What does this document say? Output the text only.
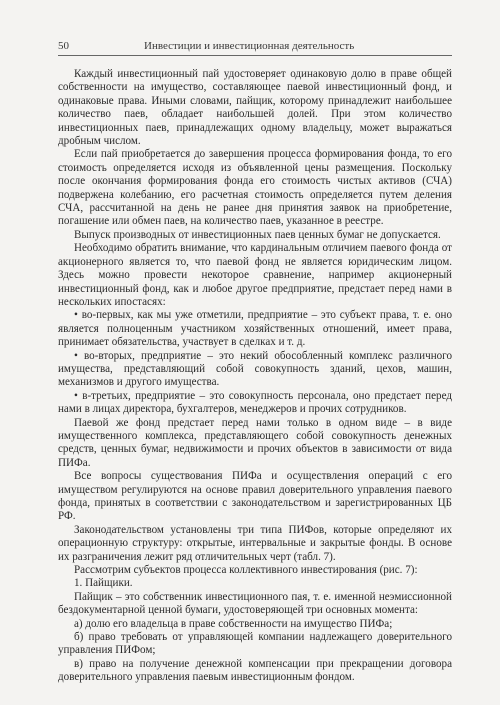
50	Инвестиции и инвестиционная деятельность

Каждый инвестиционный пай удостоверяет одинаковую долю в праве общей собственности на имущество, составляющее паевой инвестиционный фонд, и одинаковые права. Иными словами, пайщик, которому принадлежит наибольшее количество паев, обладает наибольшей долей. При этом количество инвестиционных паев, принадлежащих одному владельцу, может выражаться дробным числом.

Если пай приобретается до завершения процесса формирования фонда, то его стоимость определяется исходя из объявленной цены размещения. Поскольку после окончания формирования фонда его стоимость чистых активов (СЧА) подвержена колебанию, его расчетная стоимость определяется путем деления СЧА, рассчитанной на день не ранее дня принятия заявок на приобретение, погашение или обмен паев, на количество паев, указанное в реестре.

Выпуск производных от инвестиционных паев ценных бумаг не допускается.

Необходимо обратить внимание, что кардинальным отличием паевого фонда от акционерного является то, что паевой фонд не является юридическим лицом. Здесь можно провести некоторое сравнение, например акционерный инвестиционный фонд, как и любое другое предприятие, предстает перед нами в нескольких ипостасях:

• во-первых, как мы уже отметили, предприятие – это субъект права, т. е. оно является полноценным участником хозяйственных отношений, имеет права, принимает обязательства, участвует в сделках и т. д.

• во-вторых, предприятие – это некий обособленный комплекс различного имущества, представляющий собой совокупность зданий, цехов, машин, механизмов и другого имущества.

• в-третьих, предприятие – это совокупность персонала, оно предстает перед нами в лицах директора, бухгалтеров, менеджеров и прочих сотрудников.

Паевой же фонд предстает перед нами только в одном виде – в виде имущественного комплекса, представляющего собой совокупность денежных средств, ценных бумаг, недвижимости и прочих объектов в зависимости от вида ПИФа.

Все вопросы существования ПИФа и осуществления операций с его имуществом регулируются на основе правил доверительного управления паевого фонда, принятых в соответствии с законодательством и зарегистрированных ЦБ РФ.

Законодательством установлены три типа ПИФов, которые определяют их операционную структуру: открытые, интервальные и закрытые фонды. В основе их разграничения лежит ряд отличительных черт (табл. 7).

Рассмотрим субъектов процесса коллективного инвестирования (рис. 7):

1. Пайщики.

Пайщик – это собственник инвестиционного пая, т. е. именной неэмиссионной бездокументарной ценной бумаги, удостоверяющей три основных момента:

а) долю его владельца в праве собственности на имущество ПИФа;

б) право требовать от управляющей компании надлежащего доверительного управления ПИФом;

в) право на получение денежной компенсации при прекращении договора доверительного управления паевым инвестиционным фондом.
